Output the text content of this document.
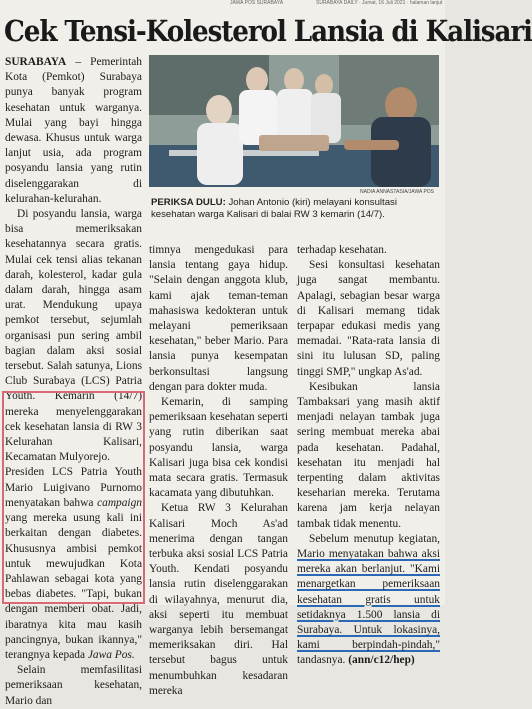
JAWA POS SURABAYA	SURABAYA DAILY · Jumat, 16 Juli 2021 · halaman lanjut
Cek Tensi-Kolesterol Lansia di Kalisari

SURABAYA – Pemerintah Kota (Pemkot) Surabaya punya banyak program kesehatan untuk warganya. Mulai yang bayi hingga dewasa. Khusus untuk warga lanjut usia, ada program posyandu lansia yang rutin diselenggarakan di kelurahan-kelurahan.

Di posyandu lansia, warga bisa memeriksakan kesehatannya secara gratis. Mulai cek tensi alias tekanan darah, kolesterol, kadar gula dalam darah, hingga asam urat. Mendukung upaya pemkot tersebut, sejumlah organisasi pun sering ambil bagian dalam aksi sosial tersebut. Salah satunya, Lions Club Surabaya (LCS) Patria Youth. Kemarin (14/7) mereka menyelenggarakan cek kesehatan lansia di RW 3 Kelurahan Kalisari, Kecamatan Mulyorejo.

Presiden LCS Patria Youth Mario Luigivano Purnomo menyatakan bahwa campaign yang mereka usung kali ini berkaitan dengan diabetes. Khususnya ambisi pemkot untuk mewujudkan Kota Pahlawan sebagai kota yang bebas diabetes. "Tapi, bukan dengan memberi obat. Jadi, ibaratnya kita mau kasih pancingnya, bukan ikannya," terangnya kepada Jawa Pos.

Selain memfasilitasi pemeriksaan kesehatan, Mario dan

NADIA ANNASTASIA/JAWA POS
PERIKSA DULU: Johan Antonio (kiri) melayani konsultasi kesehatan warga Kalisari di balai RW 3 kemarin (14/7).

timnya mengedukasi para lansia tentang gaya hidup. "Selain dengan anggota klub, kami ajak teman-teman mahasiswa kedokteran untuk melayani pemeriksaan kesehatan," beber Mario. Para lansia punya kesempatan berkonsultasi langsung dengan para dokter muda.

Kemarin, di samping pemeriksaan kesehatan seperti yang rutin diberikan saat posyandu lansia, warga Kalisari juga bisa cek kondisi mata secara gratis. Termasuk kacamata yang dibutuhkan.

Ketua RW 3 Kelurahan Kalisari Moch As'ad menerima dengan tangan terbuka aksi sosial LCS Patria Youth. Kendati posyandu lansia rutin diselenggarakan di wilayahnya, menurut dia, aksi seperti itu membuat warganya lebih bersemangat memeriksakan diri. Hal tersebut bagus untuk menumbuhkan kesadaran mereka

terhadap kesehatan.

Sesi konsultasi kesehatan juga sangat membantu. Apalagi, sebagian besar warga di Kalisari memang tidak terpapar edukasi medis yang memadai. "Rata-rata lansia di sini itu lulusan SD, paling tinggi SMP," ungkap As'ad.

Kesibukan lansia Tambaksari yang masih aktif menjadi nelayan tambak juga sering membuat mereka abai pada kesehatan. Padahal, kesehatan itu menjadi hal terpenting dalam aktivitas keseharian mereka. Terutama karena jam kerja nelayan tambak tidak menentu.

Sebelum menutup kegiatan, Mario menyatakan bahwa aksi mereka akan berlanjut. "Kami menargetkan pemeriksaan kesehatan gratis untuk setidaknya 1.500 lansia di Surabaya. Untuk lokasinya, kami berpindah-pindah," tandasnya. (ann/c12/hep)
